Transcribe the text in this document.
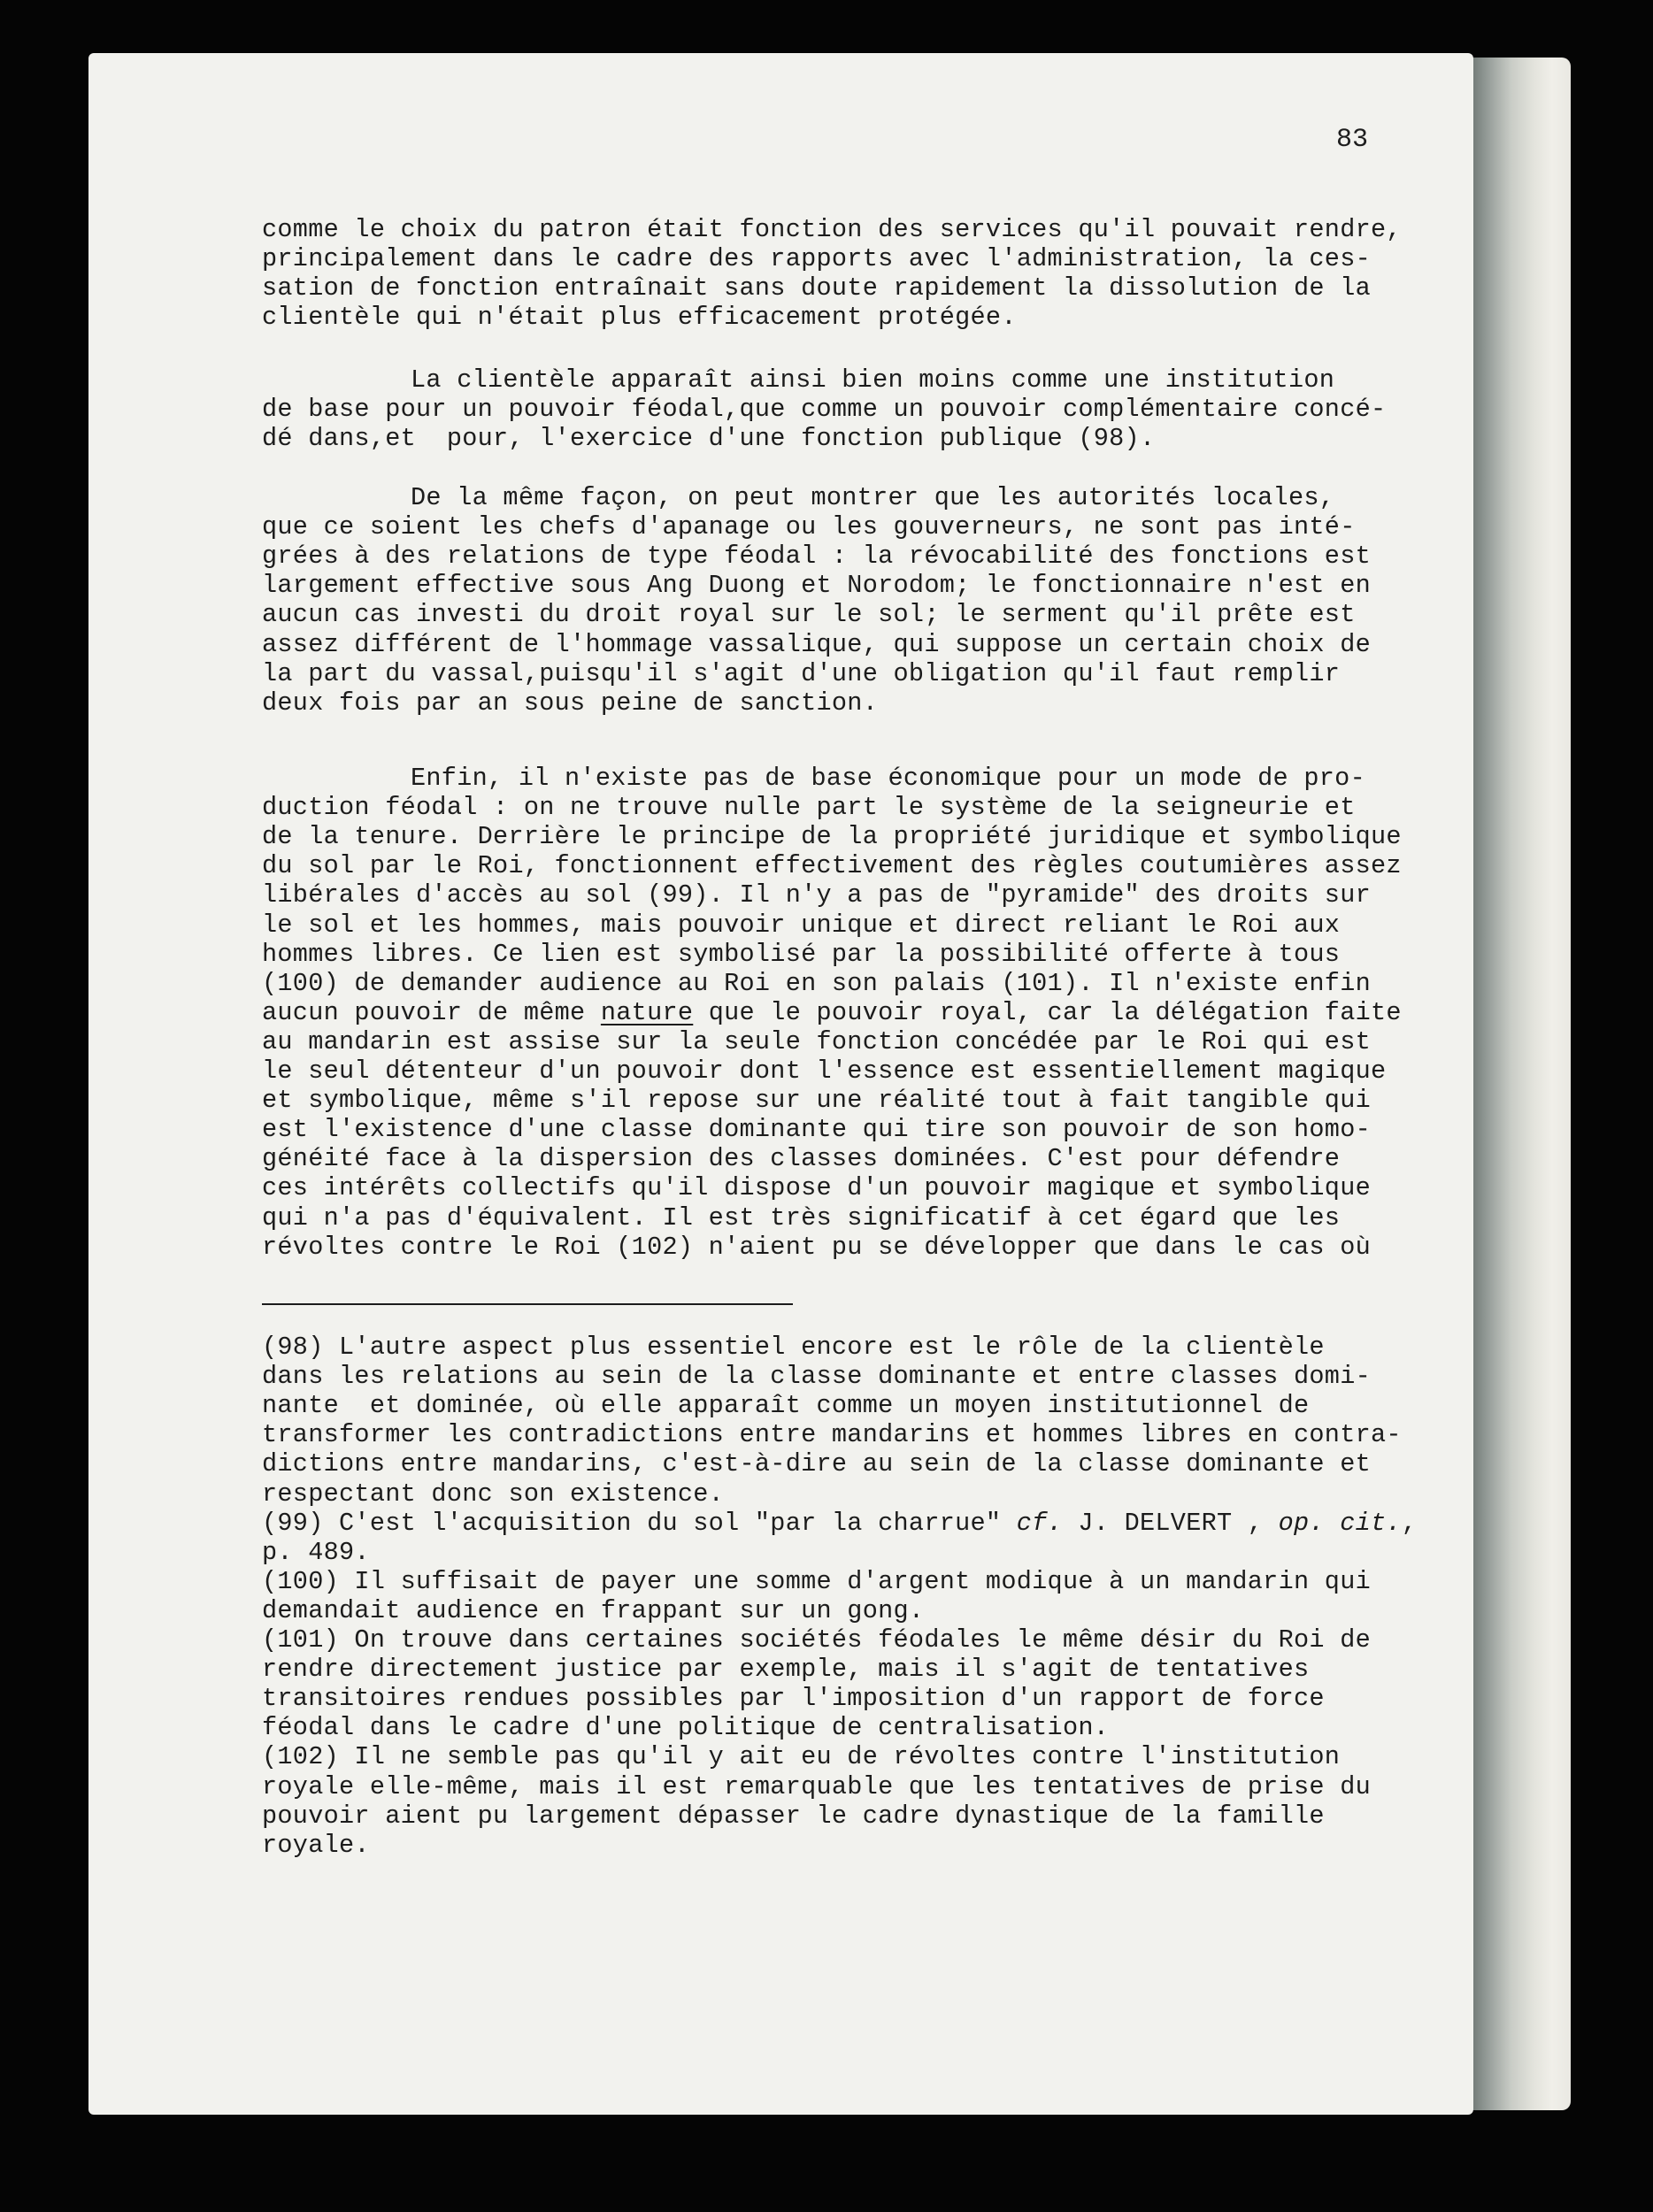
83
comme le choix du patron était fonction des services qu'il pouvait rendre,
principalement dans le cadre des rapports avec l'administration, la ces-
sation de fonction entraînait sans doute rapidement la dissolution de la
clientèle qui n'était plus efficacement protégée.
La clientèle apparaît ainsi bien moins comme une institution
de base pour un pouvoir féodal,que comme un pouvoir complémentaire concé-
dé dans,et  pour, l'exercice d'une fonction publique (98).
De la même façon, on peut montrer que les autorités locales,
que ce soient les chefs d'apanage ou les gouverneurs, ne sont pas inté-
grées à des relations de type féodal : la révocabilité des fonctions est
largement effective sous Ang Duong et Norodom; le fonctionnaire n'est en
aucun cas investi du droit royal sur le sol; le serment qu'il prête est
assez différent de l'hommage vassalique, qui suppose un certain choix de
la part du vassal,puisqu'il s'agit d'une obligation qu'il faut remplir
deux fois par an sous peine de sanction.
Enfin, il n'existe pas de base économique pour un mode de pro-
duction féodal : on ne trouve nulle part le système de la seigneurie et
de la tenure. Derrière le principe de la propriété juridique et symbolique
du sol par le Roi, fonctionnent effectivement des règles coutumières assez
libérales d'accès au sol (99). Il n'y a pas de "pyramide" des droits sur
le sol et les hommes, mais pouvoir unique et direct reliant le Roi aux
hommes libres. Ce lien est symbolisé par la possibilité offerte à tous
(100) de demander audience au Roi en son palais (101). Il n'existe enfin
aucun pouvoir de même nature que le pouvoir royal, car la délégation faite
au mandarin est assise sur la seule fonction concédée par le Roi qui est
le seul détenteur d'un pouvoir dont l'essence est essentiellement magique
et symbolique, même s'il repose sur une réalité tout à fait tangible qui
est l'existence d'une classe dominante qui tire son pouvoir de son homo-
généité face à la dispersion des classes dominées. C'est pour défendre
ces intérêts collectifs qu'il dispose d'un pouvoir magique et symbolique
qui n'a pas d'équivalent. Il est très significatif à cet égard que les
révoltes contre le Roi (102) n'aient pu se développer que dans le cas où
(98) L'autre aspect plus essentiel encore est le rôle de la clientèle
dans les relations au sein de la classe dominante et entre classes domi-
nante  et dominée, où elle apparaît comme un moyen institutionnel de
transformer les contradictions entre mandarins et hommes libres en contra-
dictions entre mandarins, c'est-à-dire au sein de la classe dominante et
respectant donc son existence.
(99) C'est l'acquisition du sol "par la charrue" cf. J. DELVERT , op. cit.,
p. 489.
(100) Il suffisait de payer une somme d'argent modique à un mandarin qui
demandait audience en frappant sur un gong.
(101) On trouve dans certaines sociétés féodales le même désir du Roi de
rendre directement justice par exemple, mais il s'agit de tentatives
transitoires rendues possibles par l'imposition d'un rapport de force
féodal dans le cadre d'une politique de centralisation.
(102) Il ne semble pas qu'il y ait eu de révoltes contre l'institution
royale elle-même, mais il est remarquable que les tentatives de prise du
pouvoir aient pu largement dépasser le cadre dynastique de la famille
royale.
